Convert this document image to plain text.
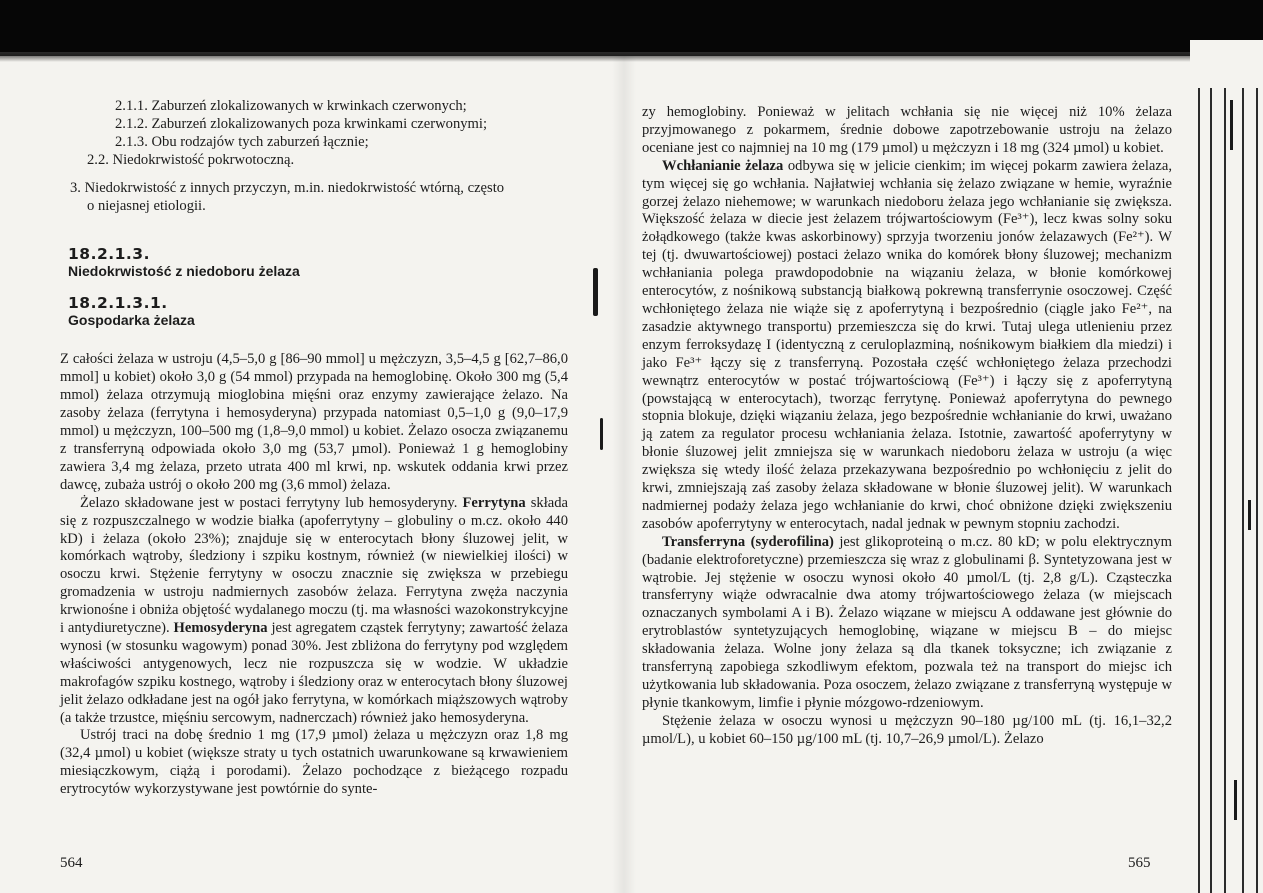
2.1.1. Zaburzeń zlokalizowanych w krwinkach czerwonych;
2.1.2. Zaburzeń zlokalizowanych poza krwinkami czerwonymi;
2.1.3. Obu rodzajów tych zaburzeń łącznie;
2.2. Niedokrwistość pokrwotoczną.
3. Niedokrwistość z innych przyczyn, m.in. niedokrwistość wtórną, często
o niejasnej etiologii.
18.2.1.3.
Niedokrwistość z niedoboru żelaza
18.2.1.3.1.
Gospodarka żelaza

Z całości żelaza w ustroju (4,5–5,0 g [86–90 mmol] u mężczyzn, 3,5–4,5 g [62,7–86,0 mmol] u kobiet) około 3,0 g (54 mmol) przypada na hemoglobinę. Około 300 mg (5,4 mmol) żelaza otrzymują mioglobina mięśni oraz enzymy zawierające żelazo. Na zasoby żelaza (ferrytyna i hemosyderyna) przypada natomiast 0,5–1,0 g (9,0–17,9 mmol) u mężczyzn, 100–500 mg (1,8–9,0 mmol) u kobiet. Żelazo osocza związanemu z transferryną odpowiada około 3,0 mg (53,7 µmol). Ponieważ 1 g hemoglobiny zawiera 3,4 mg żelaza, przeto utrata 400 ml krwi, np. wskutek oddania krwi przez dawcę, zubaża ustrój o około 200 mg (3,6 mmol) żelaza.

Żelazo składowane jest w postaci ferrytyny lub hemosyderyny. Ferrytyna składa się z rozpuszczalnego w wodzie białka (apoferrytyny – globuliny o m.cz. około 440 kD) i żelaza (około 23%); znajduje się w enterocytach błony śluzowej jelit, w komórkach wątroby, śledziony i szpiku kostnym, również (w niewielkiej ilości) w osoczu krwi. Stężenie ferrytyny w osoczu znacznie się zwiększa w przebiegu gromadzenia w ustroju nadmiernych zasobów żelaza. Ferrytyna zwęża naczynia krwionośne i obniża objętość wydalanego moczu (tj. ma własności wazokonstrykcyjne i antydiuretyczne). Hemosyderyna jest agregatem cząstek ferrytyny; zawartość żelaza wynosi (w stosunku wagowym) ponad 30%. Jest zbliżona do ferrytyny pod względem właściwości antygenowych, lecz nie rozpuszcza się w wodzie. W układzie makrofagów szpiku kostnego, wątroby i śledziony oraz w enterocytach błony śluzowej jelit żelazo odkładane jest na ogół jako ferrytyna, w komórkach miąższowych wątroby (a także trzustce, mięśniu sercowym, nadnerczach) również jako hemosyderyna.

Ustrój traci na dobę średnio 1 mg (17,9 µmol) żelaza u mężczyzn oraz 1,8 mg (32,4 µmol) u kobiet (większe straty u tych ostatnich uwarunkowane są krwawieniem miesiączkowym, ciążą i porodami). Żelazo pochodzące z bieżącego rozpadu erytrocytów wykorzystywane jest powtórnie do synte-

564

zy hemoglobiny. Ponieważ w jelitach wchłania się nie więcej niż 10% żelaza przyjmowanego z pokarmem, średnie dobowe zapotrzebowanie ustroju na żelazo oceniane jest co najmniej na 10 mg (179 µmol) u mężczyzn i 18 mg (324 µmol) u kobiet.

Wchłanianie żelaza odbywa się w jelicie cienkim; im więcej pokarm zawiera żelaza, tym więcej się go wchłania. Najłatwiej wchłania się żelazo związane w hemie, wyraźnie gorzej żelazo niehemowe; w warunkach niedoboru żelaza jego wchłanianie się zwiększa. Większość żelaza w diecie jest żelazem trójwartościowym (Fe³⁺), lecz kwas solny soku żołądkowego (także kwas askorbinowy) sprzyja tworzeniu jonów żelazawych (Fe²⁺). W tej (tj. dwuwartościowej) postaci żelazo wnika do komórek błony śluzowej; mechanizm wchłaniania polega prawdopodobnie na wiązaniu żelaza, w błonie komórkowej enterocytów, z nośnikową substancją białkową pokrewną transferrynie osoczowej. Część wchłoniętego żelaza nie wiąże się z apoferrytyną i bezpośrednio (ciągle jako Fe²⁺, na zasadzie aktywnego transportu) przemieszcza się do krwi. Tutaj ulega utlenieniu przez enzym ferroksydazę I (identyczną z ceruloplazminą, nośnikowym białkiem dla miedzi) i jako Fe³⁺ łączy się z transferryną. Pozostała część wchłoniętego żelaza przechodzi wewnątrz enterocytów w postać trójwartościową (Fe³⁺) i łączy się z apoferrytyną (powstającą w enterocytach), tworząc ferrytynę. Ponieważ apoferrytyna do pewnego stopnia blokuje, dzięki wiązaniu żelaza, jego bezpośrednie wchłanianie do krwi, uważano ją zatem za regulator procesu wchłaniania żelaza. Istotnie, zawartość apoferrytyny w błonie śluzowej jelit zmniejsza się w warunkach niedoboru żelaza w ustroju (a więc zwiększa się wtedy ilość żelaza przekazywana bezpośrednio po wchłonięciu z jelit do krwi, zmniejszają zaś zasoby żelaza składowane w błonie śluzowej jelit). W warunkach nadmiernej podaży żelaza jego wchłanianie do krwi, choć obniżone dzięki zwiększeniu zasobów apoferrytyny w enterocytach, nadal jednak w pewnym stopniu zachodzi.

Transferryna (syderofilina) jest glikoproteiną o m.cz. 80 kD; w polu elektrycznym (badanie elektroforetyczne) przemieszcza się wraz z globulinami β. Syntetyzowana jest w wątrobie. Jej stężenie w osoczu wynosi około 40 µmol/L (tj. 2,8 g/L). Cząsteczka transferryny wiąże odwracalnie dwa atomy trójwartościowego żelaza (w miejscach oznaczanych symbolami A i B). Żelazo wiązane w miejscu A oddawane jest głównie do erytroblastów syntetyzujących hemoglobinę, wiązane w miejscu B – do miejsc składowania żelaza. Wolne jony żelaza są dla tkanek toksyczne; ich związanie z transferryną zapobiega szkodliwym efektom, pozwala też na transport do miejsc ich użytkowania lub składowania. Poza osoczem, żelazo związane z transferryną występuje w płynie tkankowym, limfie i płynie mózgowo-rdzeniowym.

Stężenie żelaza w osoczu wynosi u mężczyzn 90–180 µg/100 mL (tj. 16,1–32,2 µmol/L), u kobiet 60–150 µg/100 mL (tj. 10,7–26,9 µmol/L). Żelazo

565
